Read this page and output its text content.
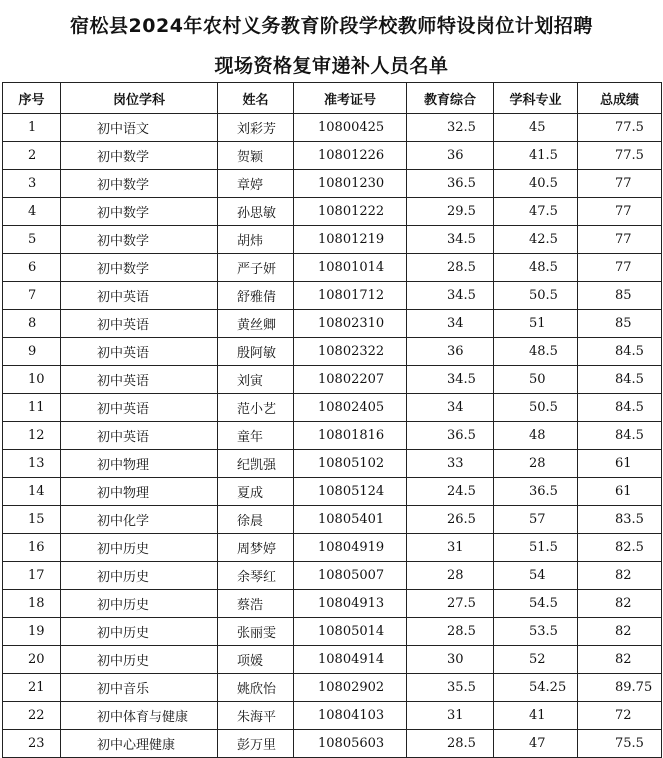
宿松县2024年农村义务教育阶段学校教师特设岗位计划招聘

现场资格复审递补人员名单

序号	岗位学科	姓名	准考证号	教育综合	学科专业	总成绩
1	初中语文	刘彩芳	10800425	32.5	45	77.5
2	初中数学	贺颖	10801226	36	41.5	77.5
3	初中数学	章婷	10801230	36.5	40.5	77
4	初中数学	孙思敏	10801222	29.5	47.5	77
5	初中数学	胡炜	10801219	34.5	42.5	77
6	初中数学	严子妍	10801014	28.5	48.5	77
7	初中英语	舒雅倩	10801712	34.5	50.5	85
8	初中英语	黄丝卿	10802310	34	51	85
9	初中英语	殷阿敏	10802322	36	48.5	84.5
10	初中英语	刘寅	10802207	34.5	50	84.5
11	初中英语	范小艺	10802405	34	50.5	84.5
12	初中英语	童年	10801816	36.5	48	84.5
13	初中物理	纪凯强	10805102	33	28	61
14	初中物理	夏成	10805124	24.5	36.5	61
15	初中化学	徐晨	10805401	26.5	57	83.5
16	初中历史	周梦婷	10804919	31	51.5	82.5
17	初中历史	余琴红	10805007	28	54	82
18	初中历史	蔡浩	10804913	27.5	54.5	82
19	初中历史	张丽雯	10805014	28.5	53.5	82
20	初中历史	项媛	10804914	30	52	82
21	初中音乐	姚欣怡	10802902	35.5	54.25	89.75
22	初中体育与健康	朱海平	10804103	31	41	72
23	初中心理健康	彭万里	10805603	28.5	47	75.5
